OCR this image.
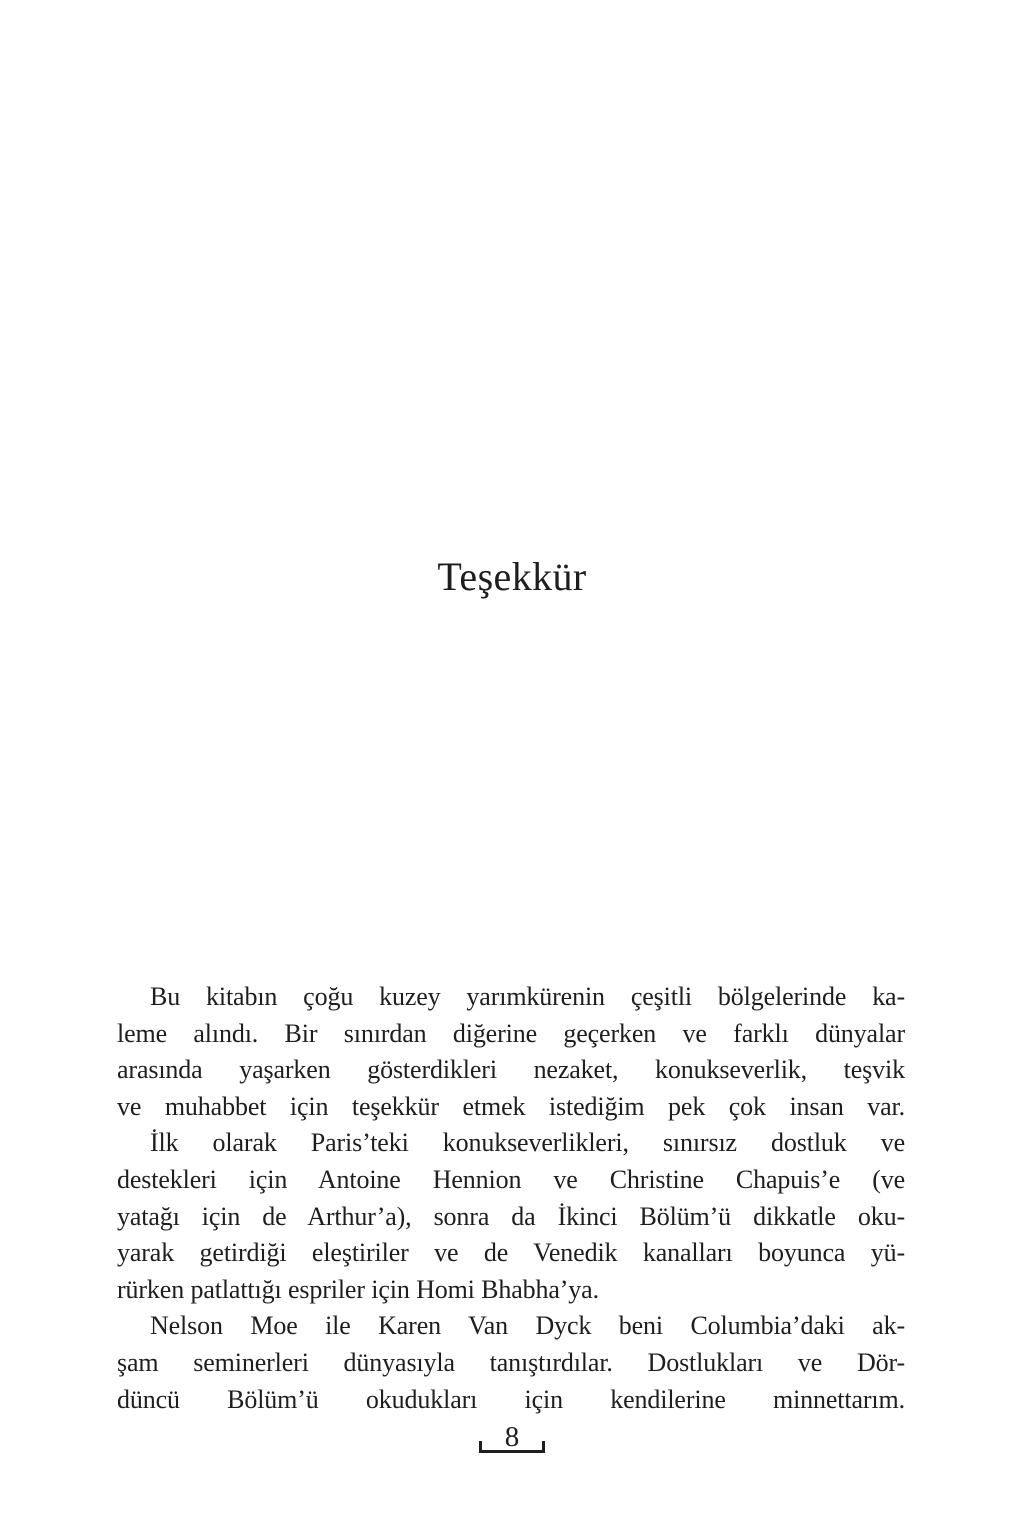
Teşekkür
Bu kitabın çoğu kuzey yarımkürenin çeşitli bölgelerinde ka-
leme alındı. Bir sınırdan diğerine geçerken ve farklı dünyalar
arasında yaşarken gösterdikleri nezaket, konukseverlik, teşvik
ve muhabbet için teşekkür etmek istediğim pek çok insan var.
İlk olarak Paris’teki konukseverlikleri, sınırsız dostluk ve
destekleri için Antoine Hennion ve Christine Chapuis’e (ve
yatağı için de Arthur’a), sonra da İkinci Bölüm’ü dikkatle oku-
yarak getirdiği eleştiriler ve de Venedik kanalları boyunca yü-
rürken patlattığı espriler için Homi Bhabha’ya.
Nelson Moe ile Karen Van Dyck beni Columbia’daki ak-
şam seminerleri dünyasıyla tanıştırdılar. Dostlukları ve Dör-
düncü Bölüm’ü okudukları için kendilerine minnettarım.
8
